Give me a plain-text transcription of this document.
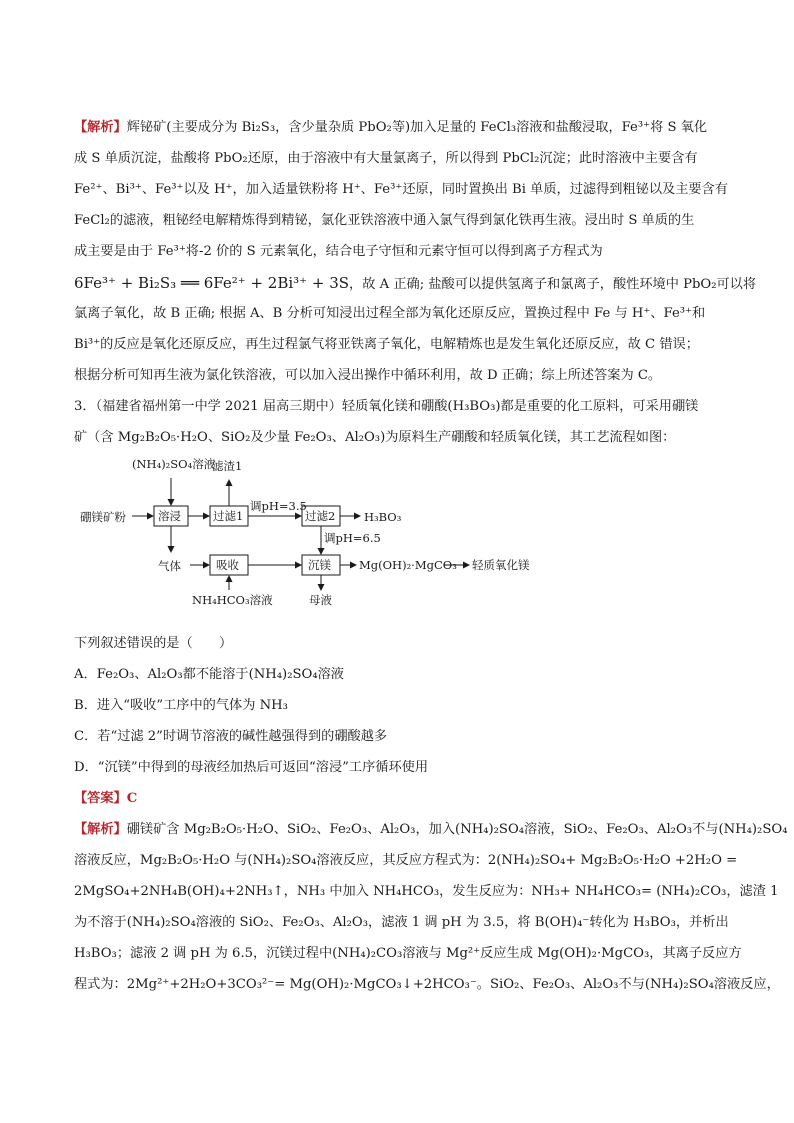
【解析】辉铋矿(主要成分为 Bi₂S₃，含少量杂质 PbO₂等)加入足量的 FeCl₃溶液和盐酸浸取，Fe³⁺将 S 氧化
成 S 单质沉淀，盐酸将 PbO₂还原，由于溶液中有大量氯离子，所以得到 PbCl₂沉淀；此时溶液中主要含有
Fe²⁺、Bi³⁺、Fe³⁺以及 H⁺，加入适量铁粉将 H⁺、Fe³⁺还原，同时置换出 Bi 单质，过滤得到粗铋以及主要含有
FeCl₂的滤液，粗铋经电解精炼得到精铋，氯化亚铁溶液中通入氯气得到氯化铁再生液。浸出时 S 单质的生
成主要是由于 Fe³⁺将-2 价的 S 元素氧化，结合电子守恒和元素守恒可以得到离子方程式为
6Fe³⁺ + Bi₂S₃ ══ 6Fe²⁺ + 2Bi³⁺ + 3S，故 A 正确; 盐酸可以提供氢离子和氯离子，酸性环境中 PbO₂可以将
氯离子氧化，故 B 正确; 根据 A、B 分析可知浸出过程全部为氧化还原反应，置换过程中 Fe 与 H⁺、Fe³⁺和
Bi³⁺的反应是氧化还原反应，再生过程氯气将亚铁离子氧化，电解精炼也是发生氧化还原反应，故 C 错误；
根据分析可知再生液为氯化铁溶液，可以加入浸出操作中循环利用，故 D 正确；综上所述答案为 C。
3．（福建省福州第一中学 2021 届高三期中）轻质氧化镁和硼酸(H₃BO₃)都是重要的化工原料，可采用硼镁
矿（含 Mg₂B₂O₅·H₂O、SiO₂及少量 Fe₂O₃、Al₂O₃)为原料生产硼酸和轻质氧化镁，其工艺流程如图：
(NH₄)₂SO₄溶液
滤渣1
调pH=3.5
调pH=6.5
硼镁矿粉	溶浸	过滤1	过滤2 H₃BO₃
气体	吸收	沉镁 Mg(OH)₂·MgCO₃ 轻质氧化镁
NH₄HCO₃溶液	母液
下列叙述错误的是（　　）
A．Fe₂O₃、Al₂O₃都不能溶于(NH₄)₂SO₄溶液
B．进入“吸收”工序中的气体为 NH₃
C．若“过滤 2”时调节溶液的碱性越强得到的硼酸越多
D．“沉镁”中得到的母液经加热后可返回“溶浸”工序循环使用
【答案】C
【解析】硼镁矿含 Mg₂B₂O₅·H₂O、SiO₂、Fe₂O₃、Al₂O₃，加入(NH₄)₂SO₄溶液，SiO₂、Fe₂O₃、Al₂O₃不与(NH₄)₂SO₄
溶液反应，Mg₂B₂O₅·H₂O 与(NH₄)₂SO₄溶液反应，其反应方程式为：2(NH₄)₂SO₄+ Mg₂B₂O₅·H₂O +2H₂O =
2MgSO₄+2NH₄B(OH)₄+2NH₃↑，NH₃ 中加入 NH₄HCO₃，发生反应为：NH₃+ NH₄HCO₃= (NH₄)₂CO₃，滤渣 1
为不溶于(NH₄)₂SO₄溶液的 SiO₂、Fe₂O₃、Al₂O₃，滤液 1 调 pH 为 3.5，将 B(OH)₄⁻转化为 H₃BO₃，并析出
H₃BO₃；滤液 2 调 pH 为 6.5，沉镁过程中(NH₄)₂CO₃溶液与 Mg²⁺反应生成 Mg(OH)₂·MgCO₃，其离子反应方
程式为：2Mg²⁺+2H₂O+3CO₃²⁻= Mg(OH)₂·MgCO₃↓+2HCO₃⁻。SiO₂、Fe₂O₃、Al₂O₃不与(NH₄)₂SO₄溶液反应，
